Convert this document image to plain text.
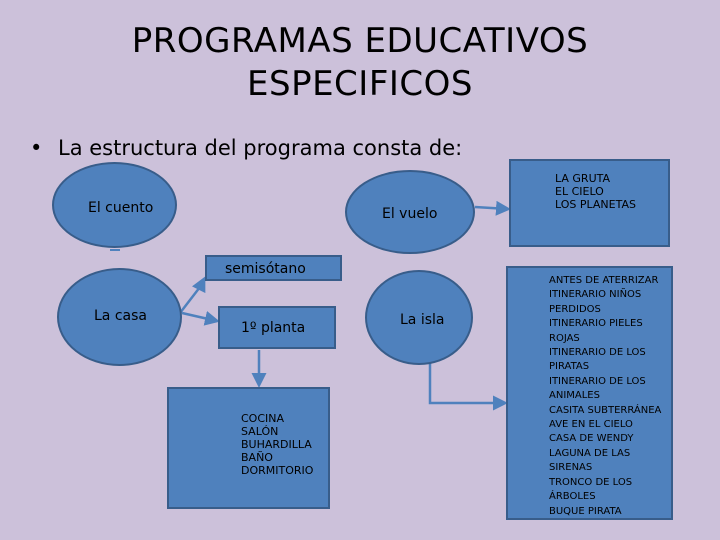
PROGRAMAS EDUCATIVOS
ESPECIFICOS
• La estructura del programa consta de:
El cuento	El vuelo
LA GRUTA
EL CIELO
LOS PLANETAS
La casa
semisótano
1º planta
COCINA
SALÓN
BUHARDILLA
BAÑO
DORMITORIO
La isla
ANTES DE ATERRIZAR
ITINERARIO NIÑOS
PERDIDOS
ITINERARIO PIELES
ROJAS
ITINERARIO DE LOS
PIRATAS
ITINERARIO DE LOS
ANIMALES
CASITA SUBTERRÁNEA
AVE EN EL CIELO
CASA DE WENDY
LAGUNA DE LAS
SIRENAS
TRONCO DE LOS
ÁRBOLES
BUQUE PIRATA
